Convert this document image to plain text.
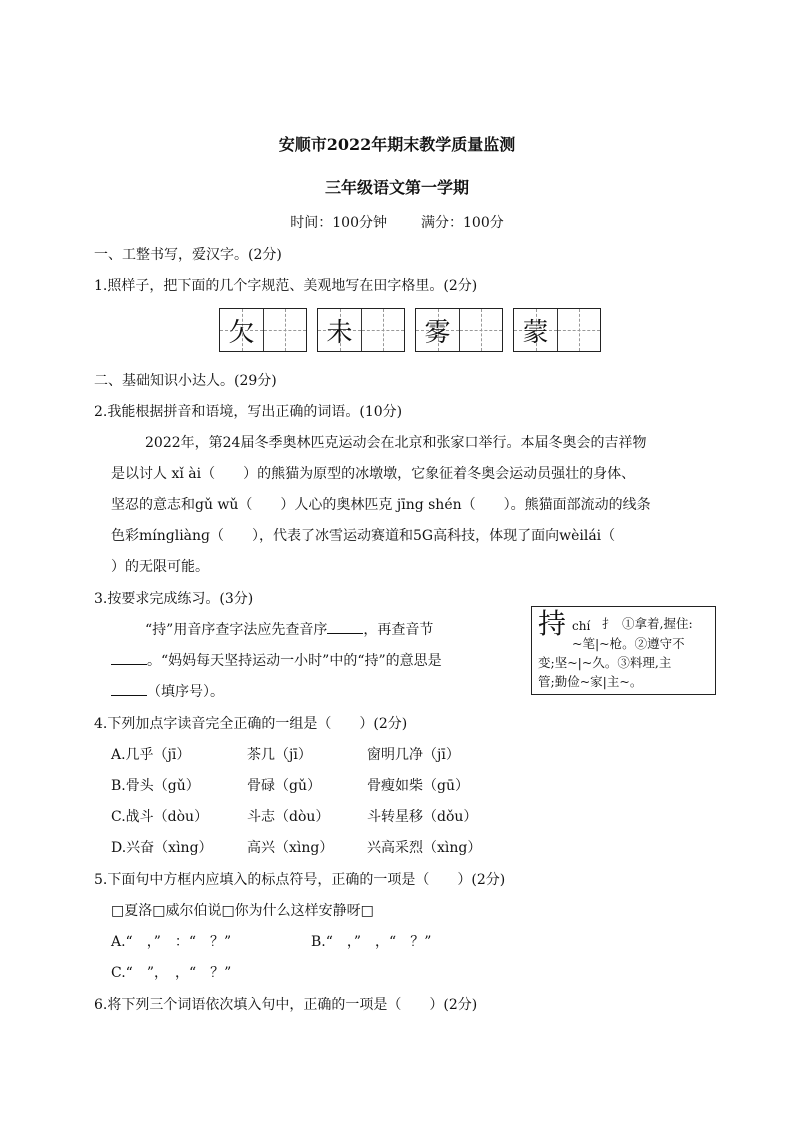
安顺市2022年期末教学质量监测
三年级语文第一学期
时间：100分钟 满分：100分
一、工整书写，爱汉字。(2分)
1.照样子，把下面的几个字规范、美观地写在田字格里。(2分)
欠	未	雾	蒙
二、基础知识小达人。(29分)
2.我能根据拼音和语境，写出正确的词语。(10分)
2022年，第24届冬季奥林匹克运动会在北京和张家口举行。本届冬奥会的吉祥物
是以讨人 xǐ ài（　　）的熊猫为原型的冰墩墩，它象征着冬奥会运动员强壮的身体、
坚忍的意志和gǔ wǔ（　　）人心的奥林匹克 jīng shén（　　）。熊猫面部流动的线条
色彩mínɡliànɡ（　　），代表了冰雪运动赛道和5G高科技，体现了面向wèilái（
）的无限可能。
3.按要求完成练习。(3分)
“持”用音序查字法应先查音序	，再查音节
。“妈妈每天坚持运动一小时”中的“持”的意思是
（填序号）。
持 chí 扌 ①拿着,握住:
~笔|~枪。②遵守不
变;坚~|~久。③料理,主
管;勤俭~家|主~。
4.下列加点字读音完全正确的一组是（　　）(2分)
A.几乎（jī）	茶几（jī）	窗明几净（jī）
B.骨头（gǔ）	骨碌（gǔ）	骨瘦如柴（gū）
C.战斗（dòu）	斗志（dòu）	斗转星移（dǒu）
D.兴奋（xìng） 高兴（xìng） 兴高采烈（xìng）
5.下面句中方框内应填入的标点符号，正确的一项是（　　）(2分)
□夏洛□威尔伯说□你为什么这样安静呀□
A.“　，”　：“　？”	B.“　，”　，“　？”
C.“　”，　，“　？”
6.将下列三个词语依次填入句中，正确的一项是（　　）(2分)
